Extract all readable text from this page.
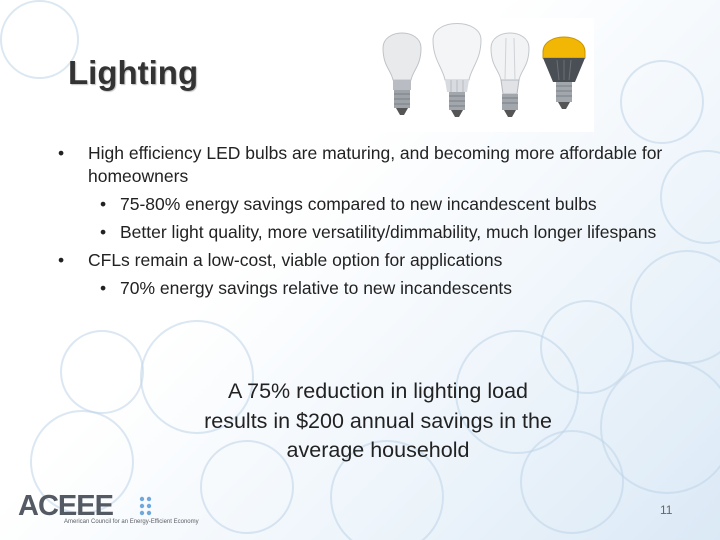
Lighting
• High efficiency LED bulbs are maturing, and becoming more affordable for homeowners
• 75-80% energy savings compared to new incandescent bulbs
• Better light quality, more versatility/dimmability, much longer lifespans
• CFLs remain a low-cost, viable option for applications
• 70% energy savings relative to new incandescents
A 75% reduction in lighting load
results in $200 annual savings in the
average household
ACEEE
American Council for an Energy-Efficient Economy
11
